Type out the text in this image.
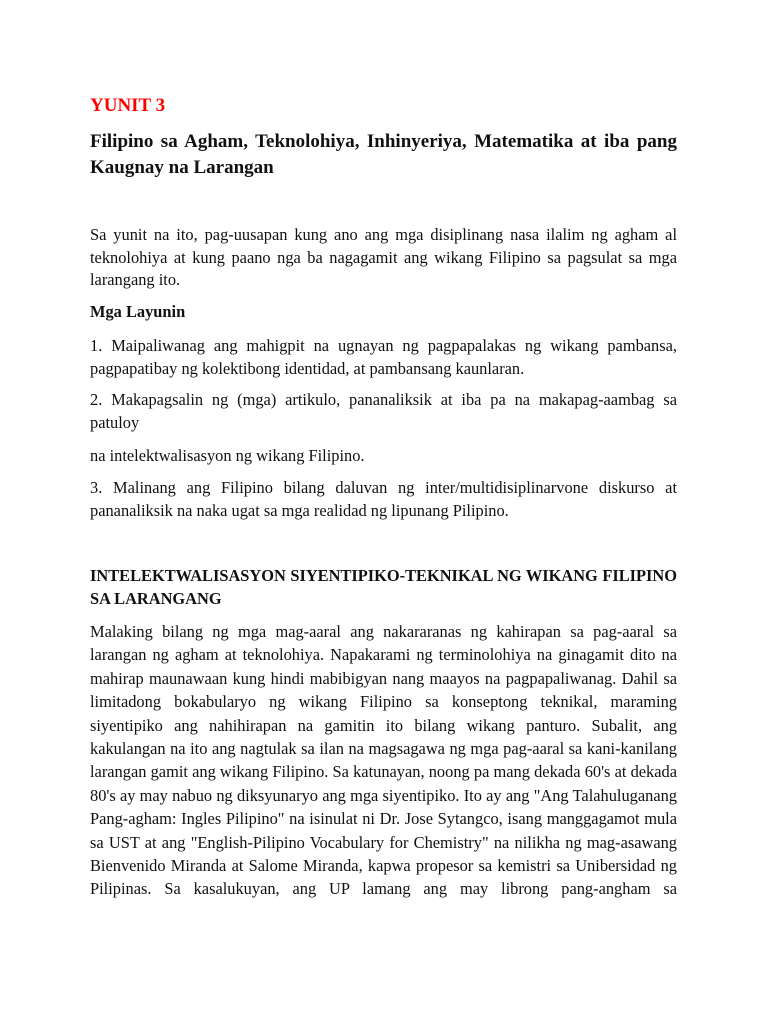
YUNIT 3
Filipino sa Agham, Teknolohiya, Inhinyeriya, Matematika at iba pang Kaugnay na Larangan

Sa yunit na ito, pag-uusapan kung ano ang mga disiplinang nasa ilalim ng agham al teknolohiya at kung paano nga ba nagagamit ang wikang Filipino sa pagsulat sa mga larangang ito.

Mga Layunin

1. Maipaliwanag ang mahigpit na ugnayan ng pagpapalakas ng wikang pambansa, pagpapatibay ng kolektibong identidad, at pambansang kaunlaran.

2. Makapagsalin ng (mga) artikulo, pananaliksik at iba pa na makapag-aambag sa patuloy

na intelektwalisasyon ng wikang Filipino.

3. Malinang ang Filipino bilang daluvan ng inter/multidisiplinarvone diskurso at pananaliksik na naka ugat sa mga realidad ng lipunang Pilipino.

INTELEKTWALISASYON SIYENTIPIKO-TEKNIKAL NG WIKANG FILIPINO SA LARANGANG

Malaking bilang ng mga mag-aaral ang nakararanas ng kahirapan sa pag-aaral sa larangan ng agham at teknolohiya. Napakarami ng terminolohiya na ginagamit dito na mahirap maunawaan kung hindi mabibigyan nang maayos na pagpapaliwanag. Dahil sa limitadong bokabularyo ng wikang Filipino sa konseptong teknikal, maraming siyentipiko ang nahihirapan na gamitin ito bilang wikang panturo. Subalit, ang kakulangan na ito ang nagtulak sa ilan na magsagawa ng mga pag-aaral sa kani-kanilang larangan gamit ang wikang Filipino. Sa katunayan, noong pa mang dekada 60's at dekada 80's ay may nabuo ng diksyunaryo ang mga siyentipiko. Ito ay ang "Ang Talahuluganang Pang-agham: Ingles Pilipino" na isinulat ni Dr. Jose Sytangco, isang manggagamot mula sa UST at ang "English-Pilipino Vocabulary for Chemistry" na nilikha ng mag-asawang Bienvenido Miranda at Salome Miranda, kapwa propesor sa kemistri sa Unibersidad ng Pilipinas. Sa kasalukuyan, ang UP lamang ang may librong pang-angham sa
